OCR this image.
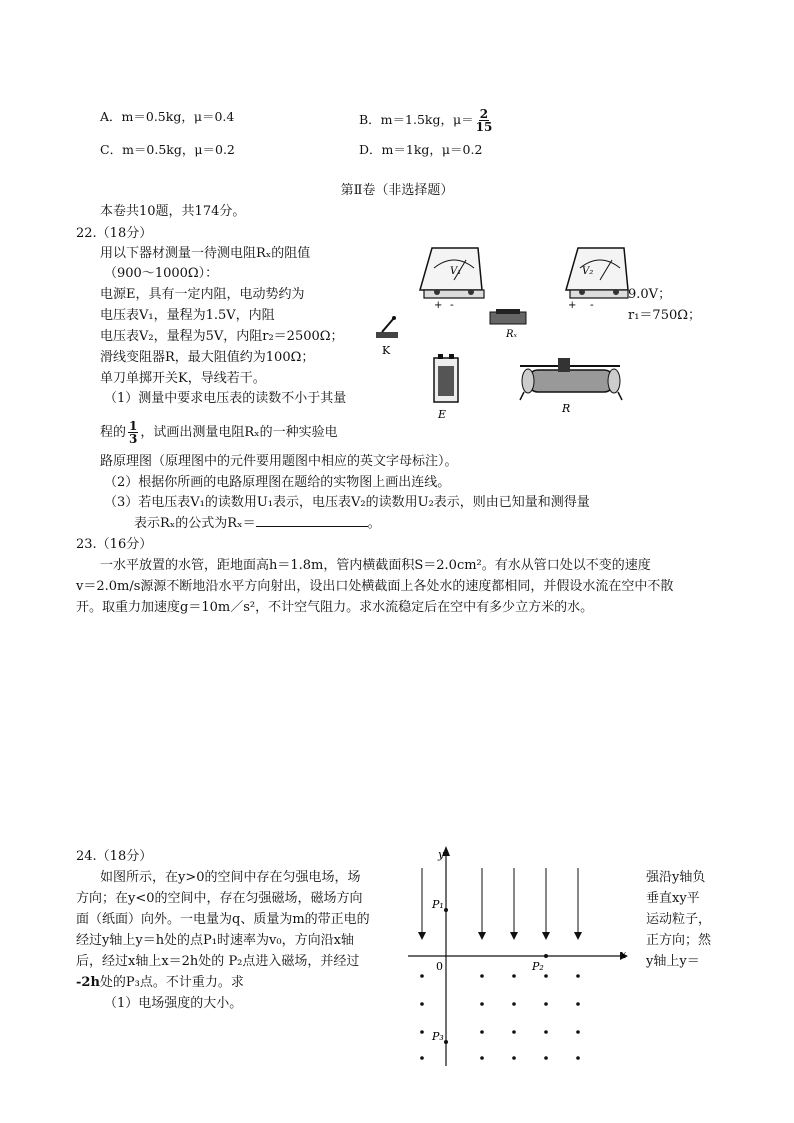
A．m＝0.5kg，μ＝0.4	B．m＝1.5kg，$\mu= \frac{2}{15}$
C．m＝0.5kg，μ＝0.2	D．m＝1kg，μ＝0.2
第Ⅱ卷（非选择题）
本卷共10题，共174分。
22.（18分）
用以下器材测量一待测电阻Rₓ的阻值
（900～1000Ω）：
电源E，具有一定内阻，电动势约为	9.0V；
电压表V₁，量程为1.5V，内阻	r₁＝750Ω；
电压表V₂，量程为5V，内阻r₂＝2500Ω；
滑线变阻器R，最大阻值约为100Ω；
单刀单掷开关K，导线若干。
（1）测量中要求电压表的读数不小于其量
程的 $\frac{1}{3}$ ，试画出测量电阻Rₓ的一种实验电
路原理图（原理图中的元件要用题图中相应的英文字母标注）。
（2）根据你所画的电路原理图在题给的实物图上画出连线。
（3）若电压表V₁的读数用U₁表示，电压表V₂的读数用U₂表示，则由已知量和测得量
表示Rₓ的公式为Rₓ＝	。
V₁
+ -
V₂
+ -
Rₓ
K
E	R
23.（16分）
一水平放置的水管，距地面高h＝1.8m，管内横截面积S＝2.0cm²。有水从管口处以不变的速度
v＝2.0m/s源源不断地沿水平方向射出，设出口处横截面上各处水的速度都相同，并假设水流在空中不散
开。取重力加速度g＝10m／s²，不计空气阻力。求水流稳定后在空中有多少立方米的水。
24.（18分）
如图所示，在y>0的空间中存在匀强电场，场	强沿y轴负
方向；在y<0的空间中，存在匀强磁场，磁场方向	垂直xy平
面（纸面）向外。一电量为q、质量为m的带正电的	运动粒子，
经过y轴上y＝h处的点P₁时速率为v₀，方向沿x轴	正方向；然
后，经过x轴上x＝2h处的 P₂点进入磁场，并经过	y轴上y＝
-2h处的P₃点。不计重力。求
（1）电场强度的大小。
y
x
0
P₁
P₂
P₃
